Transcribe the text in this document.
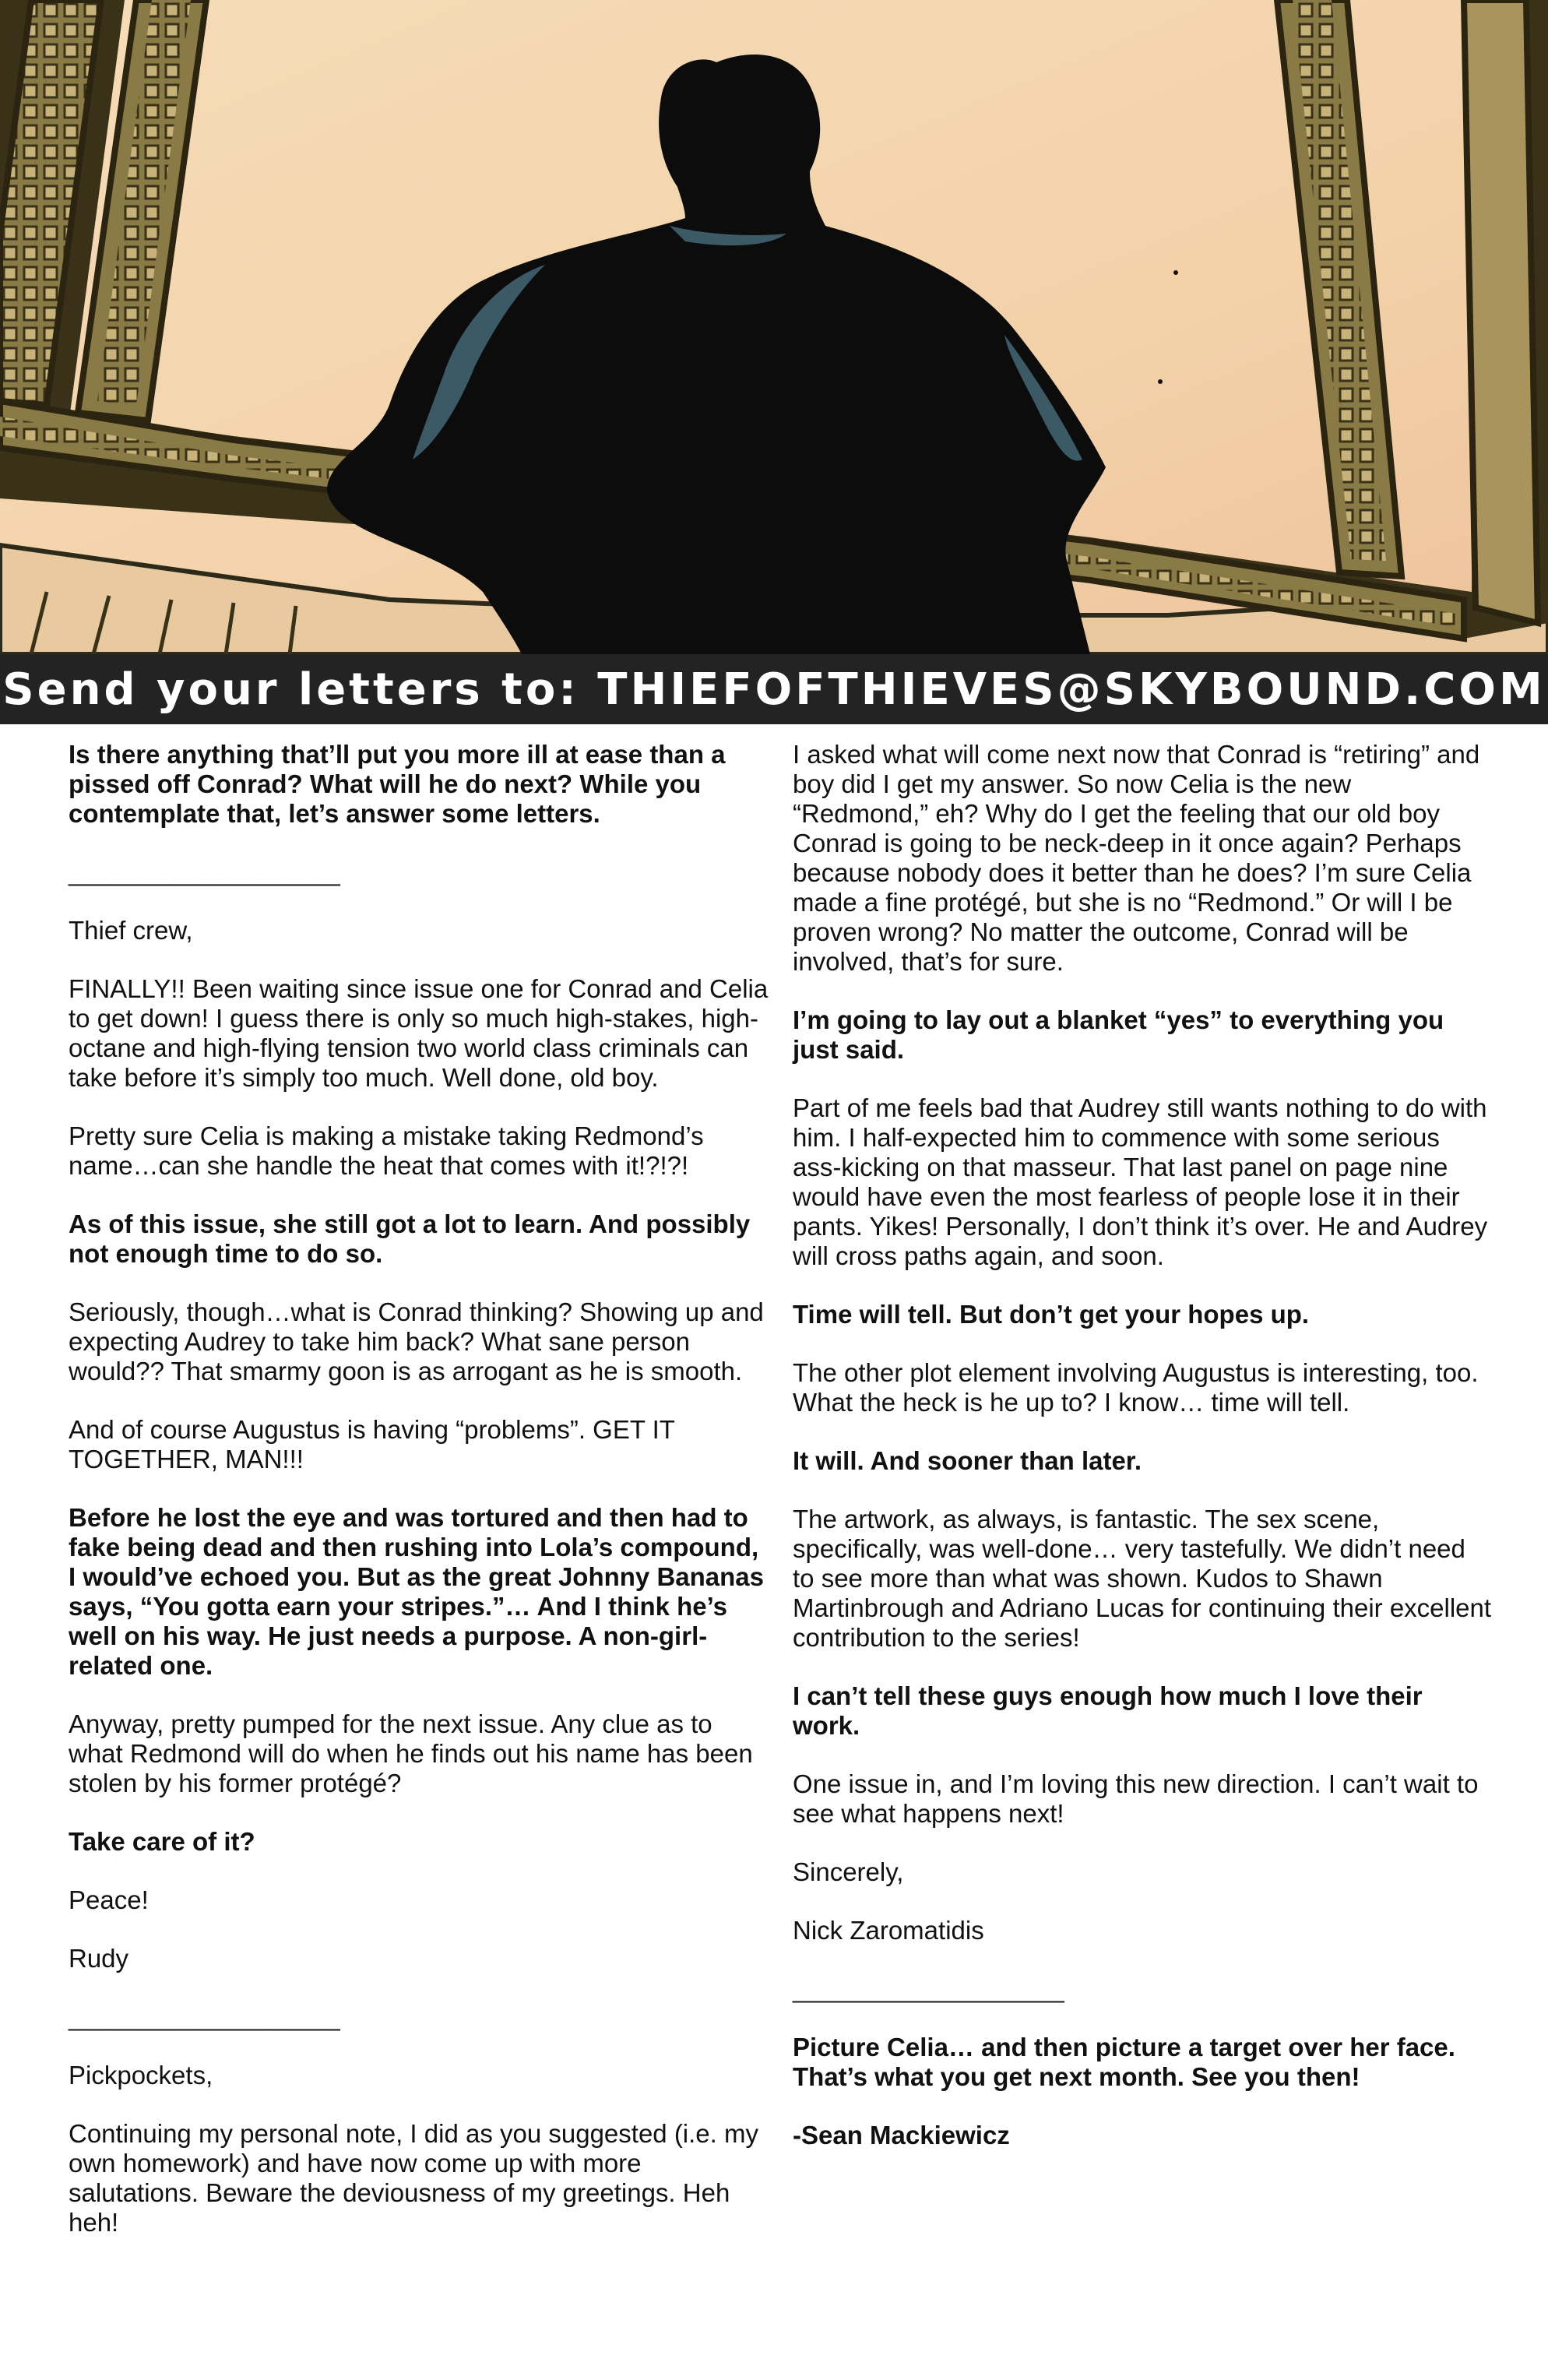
Send your letters to: THIEFOFTHIEVES@SKYBOUND.COM

Is there anything that’ll put you more ill at ease than a pissed off Conrad? What will he do next? While you contemplate that, let’s answer some letters.

___________________

Thief crew,

FINALLY!! Been waiting since issue one for Conrad and Celia to get down! I guess there is only so much high-stakes, high-octane and high-flying tension two world class criminals can take before it’s simply too much. Well done, old boy.

Pretty sure Celia is making a mistake taking Redmond’s name…can she handle the heat that comes with it!?!?!

As of this issue, she still got a lot to learn. And possibly not enough time to do so.

Seriously, though…what is Conrad thinking? Showing up and expecting Audrey to take him back? What sane person would?? That smarmy goon is as arrogant as he is smooth.

And of course Augustus is having “problems”. GET IT TOGETHER, MAN!!!

Before he lost the eye and was tortured and then had to fake being dead and then rushing into Lola’s compound, I would’ve echoed you. But as the great Johnny Bananas says, “You gotta earn your stripes.”… And I think he’s well on his way. He just needs a purpose. A non-girl-related one.

Anyway, pretty pumped for the next issue. Any clue as to what Redmond will do when he finds out his name has been stolen by his former protégé?

Take care of it?

Peace!

Rudy

___________________

Pickpockets,

Continuing my personal note, I did as you suggested (i.e. my own homework) and have now come up with more salutations. Beware the deviousness of my greetings. Heh heh!

I asked what will come next now that Conrad is “retiring” and boy did I get my answer. So now Celia is the new “Redmond,” eh? Why do I get the feeling that our old boy Conrad is going to be neck-deep in it once again? Perhaps because nobody does it better than he does? I’m sure Celia made a fine protégé, but she is no “Redmond.” Or will I be proven wrong? No matter the outcome, Conrad will be involved, that’s for sure.

I’m going to lay out a blanket “yes” to everything you just said.

Part of me feels bad that Audrey still wants nothing to do with him. I half-expected him to commence with some serious ass-kicking on that masseur. That last panel on page nine would have even the most fearless of people lose it in their pants. Yikes! Personally, I don’t think it’s over. He and Audrey will cross paths again, and soon.

Time will tell. But don’t get your hopes up.

The other plot element involving Augustus is interesting, too. What the heck is he up to? I know… time will tell.

It will. And sooner than later.

The artwork, as always, is fantastic. The sex scene, specifically, was well-done… very tastefully. We didn’t need to see more than what was shown. Kudos to Shawn Martinbrough and Adriano Lucas for continuing their excellent contribution to the series!

I can’t tell these guys enough how much I love their work.

One issue in, and I’m loving this new direction. I can’t wait to see what happens next!

Sincerely,

Nick Zaromatidis

___________________

Picture Celia… and then picture a target over her face. That’s what you get next month. See you then!

-Sean Mackiewicz
